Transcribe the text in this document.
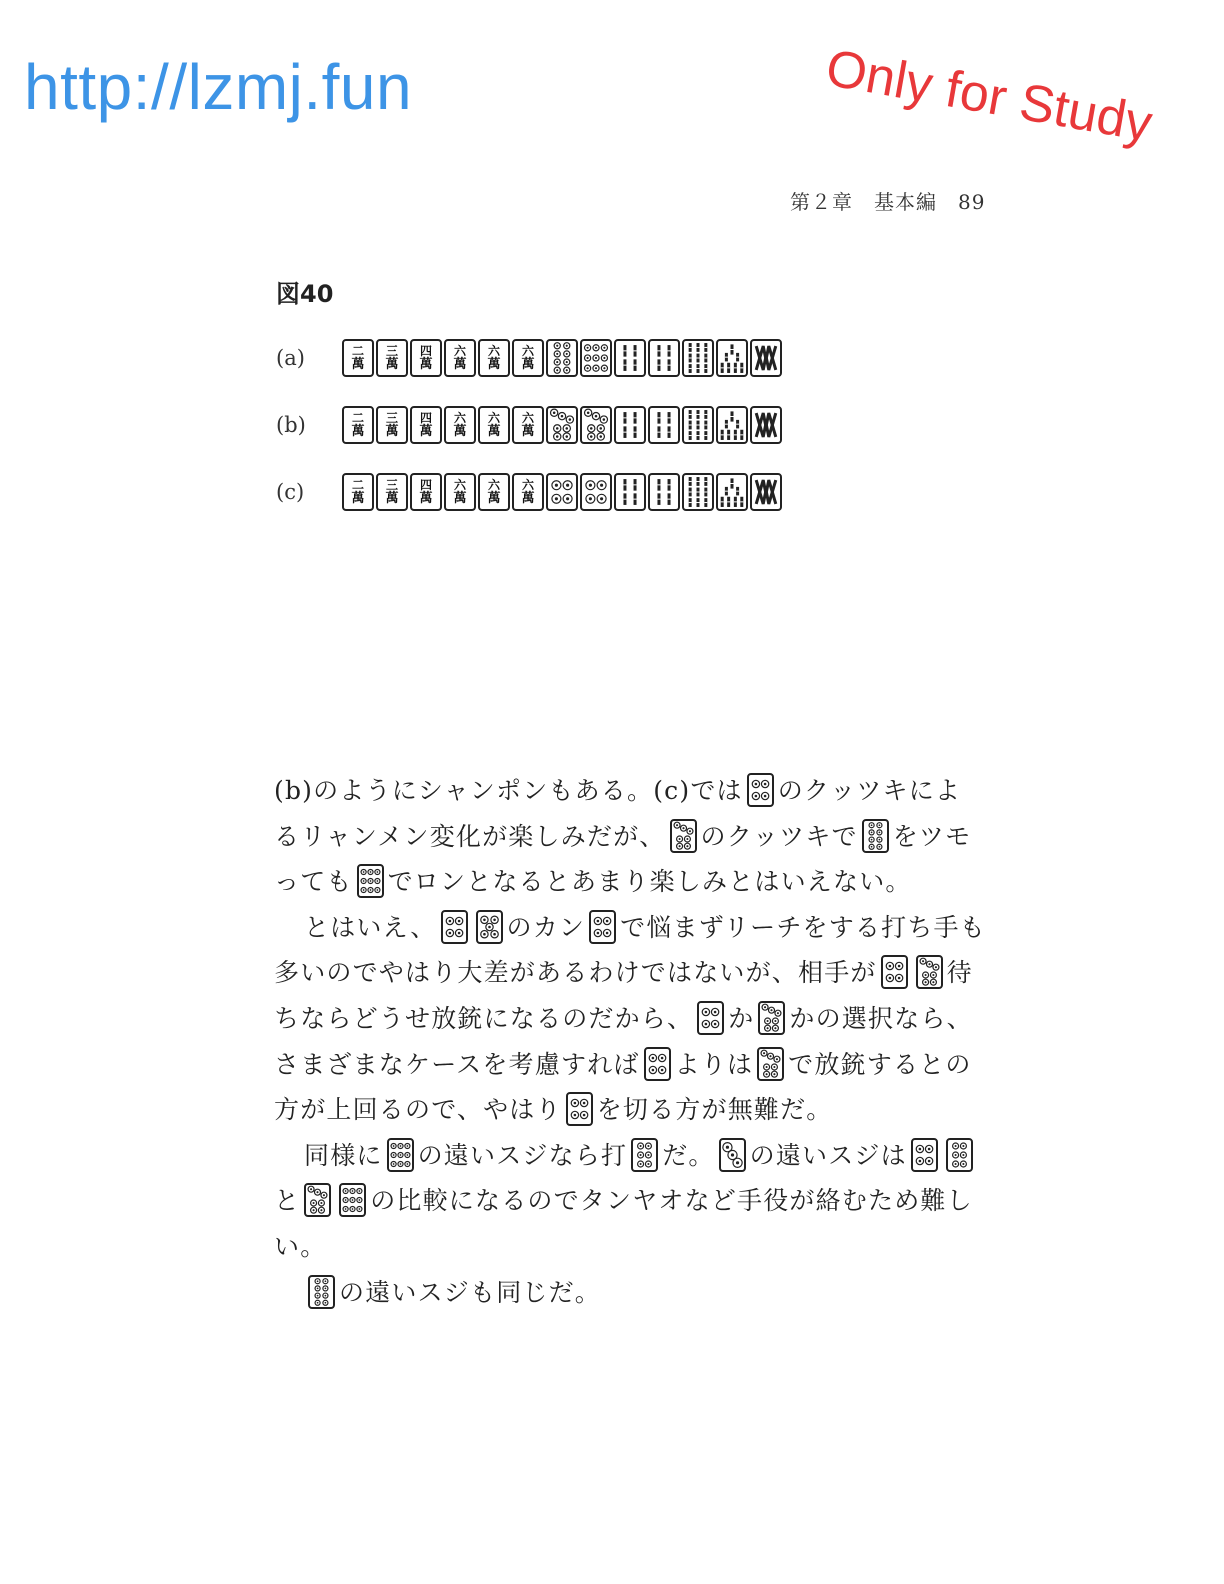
http://lzmj.fun	Only for Study
第２章　基本編　89
図40
(a)	二
萬
三
萬
四
萬
六
萬
六
萬
六
萬
(b)	二
萬
三
萬
四
萬
六
萬
六
萬
六
萬
(c)	二
萬
三
萬
四
萬
六
萬
六
萬
六
萬

(b)のようにシャンポンもある。(c)では のクッツキによるリャンメン変化が楽しみだが、 のクッツキで をツモっても でロンとなるとあまり楽しみとはいえない。

とはいえ、	のカン で悩まずリーチをする打ち手も多いのでやはり大差があるわけではないが、相手が	待ちならどうせ放銃になるのだから、 か かの選択なら、さまざまなケースを考慮すれば よりは で放銃するとの方が上回るので、やはり を切る方が無難だ。

同様に の遠いスジなら打 だ。 の遠いスジは
と	の比較になるのでタンヤオなど手役が絡むため難しい。

の遠いスジも同じだ。
